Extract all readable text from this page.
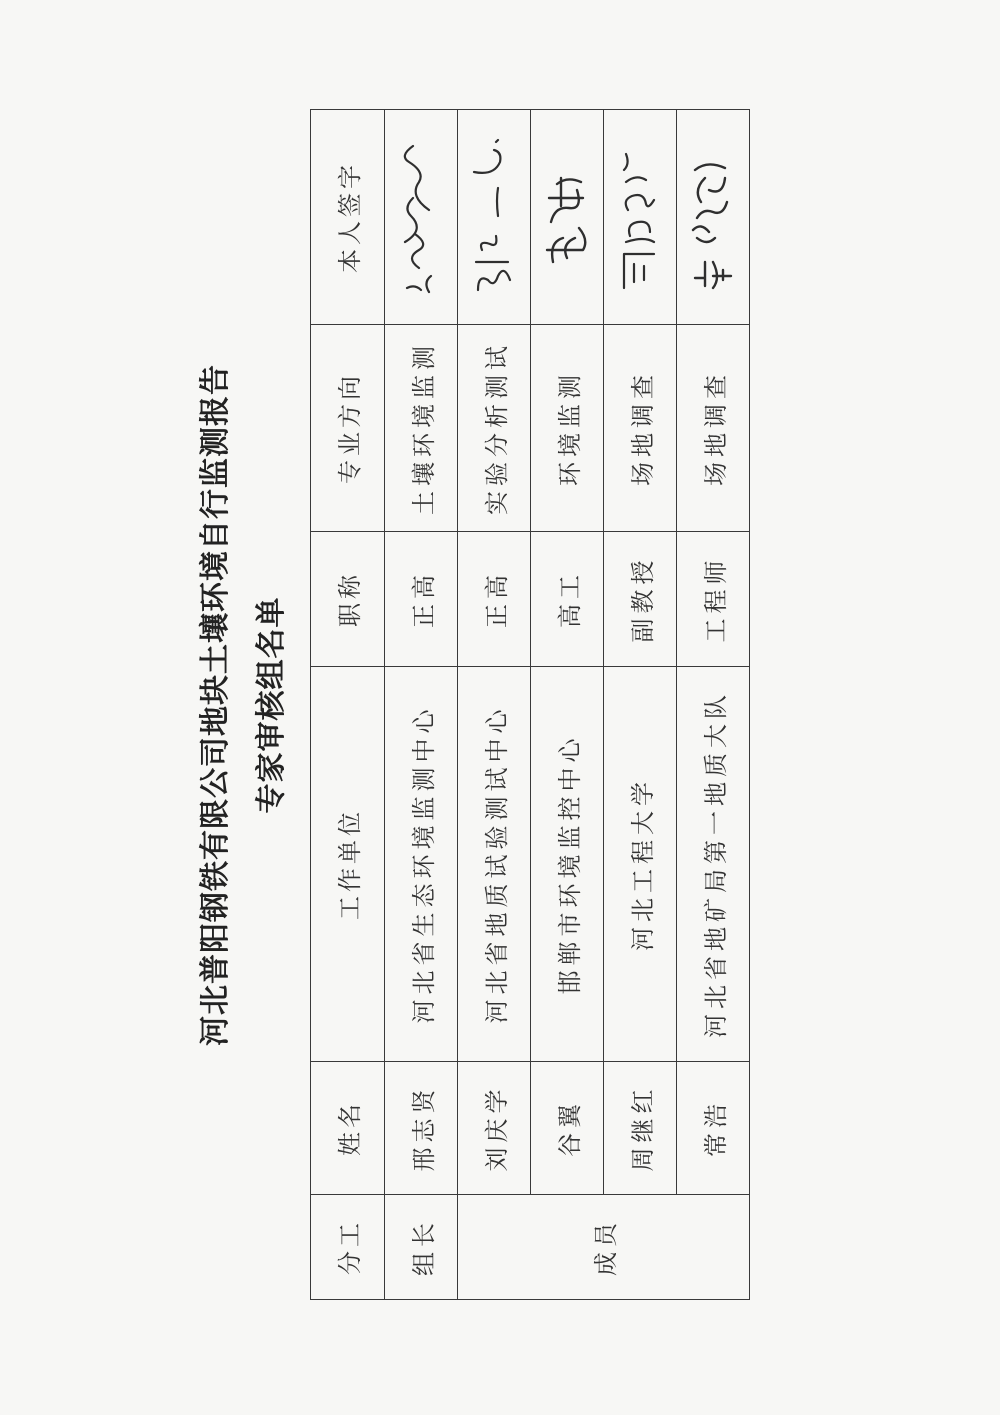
河北普阳钢铁有限公司地块土壤环境自行监测报告 专家审核组名单
分工	姓名	工作单位	职称	专业方向	本人签字
组长	邢志贤	河北省生态环境监测中心	正高	土壤环境监测	

成员	刘庆学	河北省地质试验测试中心	正高	实验分析测试	

	谷翼	邯郸市环境监控中心	高工	环境监测	

	周继红	河北工程大学	副教授	场地调查	

	常浩	河北省地矿局第一地质大队	工程师	场地调查	
